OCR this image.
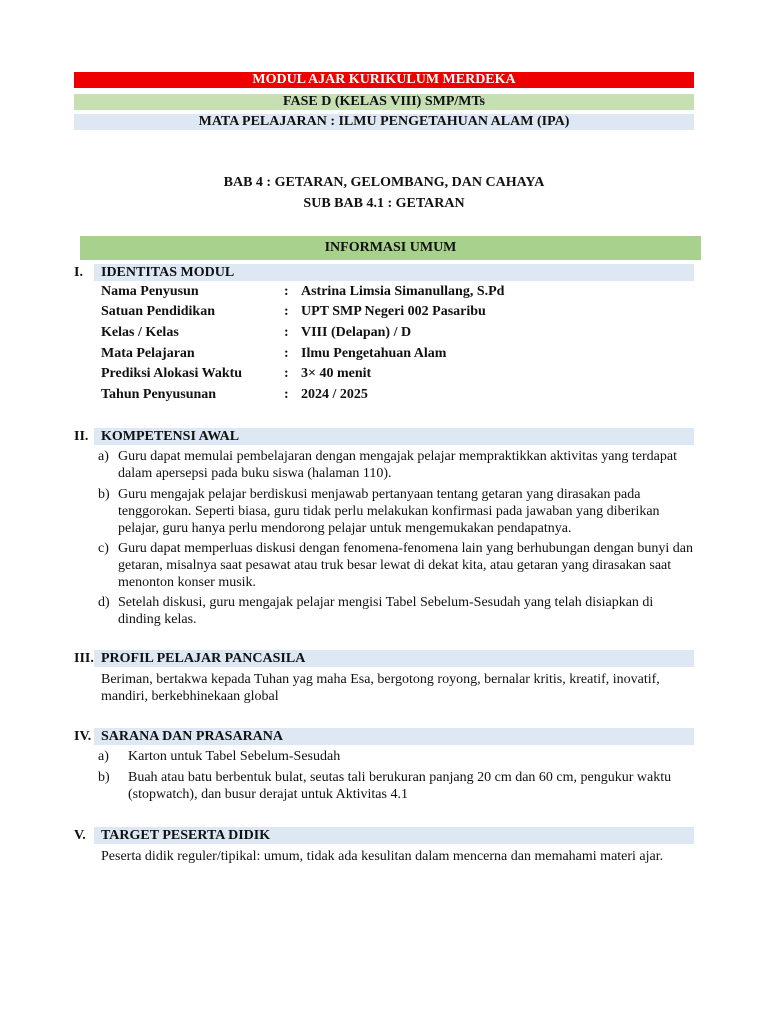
MODUL AJAR KURIKULUM MERDEKA
FASE D (KELAS VIII) SMP/MTs
MATA PELAJARAN : ILMU PENGETAHUAN ALAM (IPA)
BAB 4 : GETARAN, GELOMBANG, DAN CAHAYA
SUB BAB 4.1 : GETARAN
INFORMASI UMUM
I. IDENTITAS MODUL
Nama Penyusun	: Astrina Limsia Simanullang, S.Pd
Satuan Pendidikan	: UPT SMP Negeri 002 Pasaribu
Kelas / Kelas	: VIII (Delapan) / D
Mata Pelajaran	: Ilmu Pengetahuan Alam
Prediksi Alokasi Waktu	: 3× 40 menit
Tahun Penyusunan	: 2024 / 2025
II. KOMPETENSI AWAL
a) Guru dapat memulai pembelajaran dengan mengajak pelajar mempraktikkan aktivitas yang terdapat dalam apersepsi pada buku siswa (halaman 110).
b) Guru mengajak pelajar berdiskusi menjawab pertanyaan tentang getaran yang dirasakan pada tenggorokan. Seperti biasa, guru tidak perlu melakukan konfirmasi pada jawaban yang diberikan pelajar, guru hanya perlu mendorong pelajar untuk mengemukakan pendapatnya.
c) Guru dapat memperluas diskusi dengan fenomena-fenomena lain yang berhubungan dengan bunyi dan getaran, misalnya saat pesawat atau truk besar lewat di dekat kita, atau getaran yang dirasakan saat menonton konser musik.
d) Setelah diskusi, guru mengajak pelajar mengisi Tabel Sebelum-Sesudah yang telah disiapkan di dinding kelas.
III. PROFIL PELAJAR PANCASILA
Beriman, bertakwa kepada Tuhan yag maha Esa, bergotong royong, bernalar kritis, kreatif, inovatif, mandiri, berkebhinekaan global
IV. SARANA DAN PRASARANA
a) Karton untuk Tabel Sebelum-Sesudah
b) Buah atau batu berbentuk bulat, seutas tali berukuran panjang 20 cm dan 60 cm, pengukur waktu (stopwatch), dan busur derajat untuk Aktivitas 4.1
V. TARGET PESERTA DIDIK
Peserta didik reguler/tipikal: umum, tidak ada kesulitan dalam mencerna dan memahami materi ajar.
